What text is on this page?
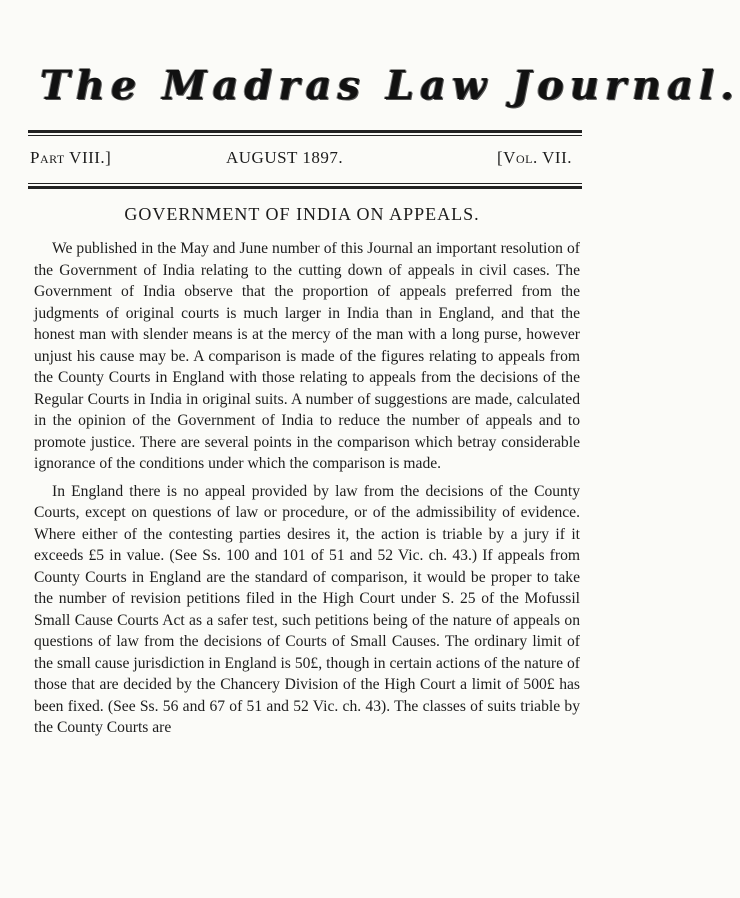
The Madras Law Journal.
Part VIII.]	AUGUST 1897.	[Vol. VII.
GOVERNMENT OF INDIA ON APPEALS.

We published in the May and June number of this Journal an important resolution of the Government of India relating to the cutting down of appeals in civil cases. The Government of India observe that the proportion of appeals preferred from the judgments of original courts is much larger in India than in England, and that the honest man with slender means is at the mercy of the man with a long purse, however unjust his cause may be. A comparison is made of the figures relating to appeals from the County Courts in England with those relating to appeals from the decisions of the Regular Courts in India in original suits. A number of suggestions are made, calculated in the opinion of the Government of India to reduce the number of appeals and to promote justice. There are several points in the comparison which betray considerable ignorance of the conditions under which the comparison is made.

In England there is no appeal provided by law from the decisions of the County Courts, except on questions of law or procedure, or of the admissibility of evidence. Where either of the contesting parties desires it, the action is triable by a jury if it exceeds £5 in value. (See Ss. 100 and 101 of 51 and 52 Vic. ch. 43.) If appeals from County Courts in England are the standard of comparison, it would be proper to take the number of revision petitions filed in the High Court under S. 25 of the Mofussil Small Cause Courts Act as a safer test, such petitions being of the nature of appeals on questions of law from the decisions of Courts of Small Causes. The ordinary limit of the small cause jurisdiction in England is 50£, though in certain actions of the nature of those that are decided by the Chancery Division of the High Court a limit of 500£ has been fixed. (See Ss. 56 and 67 of 51 and 52 Vic. ch. 43). The classes of suits triable by the County Courts are
